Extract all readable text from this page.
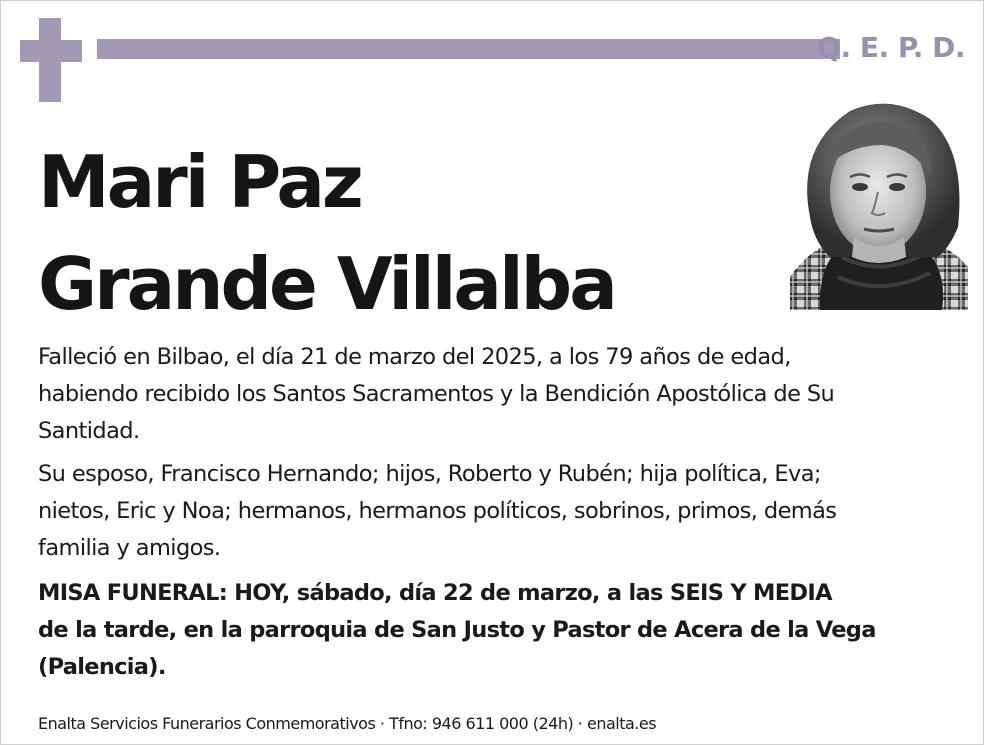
Q. E. P. D.
Mari Paz
Grande Villalba

Falleció en Bilbao, el día 21 de marzo del 2025, a los 79 años de edad,
habiendo recibido los Santos Sacramentos y la Bendición Apostólica de Su
Santidad.

Su esposo, Francisco Hernando; hijos, Roberto y Rubén; hija política, Eva;
nietos, Eric y Noa; hermanos, hermanos políticos, sobrinos, primos, demás
familia y amigos.

MISA FUNERAL: HOY, sábado, día 22 de marzo, a las SEIS Y MEDIA
de la tarde, en la parroquia de San Justo y Pastor de Acera de la Vega
(Palencia).

Enalta Servicios Funerarios Conmemorativos · Tfno: 946 611 000 (24h) · enalta.es
